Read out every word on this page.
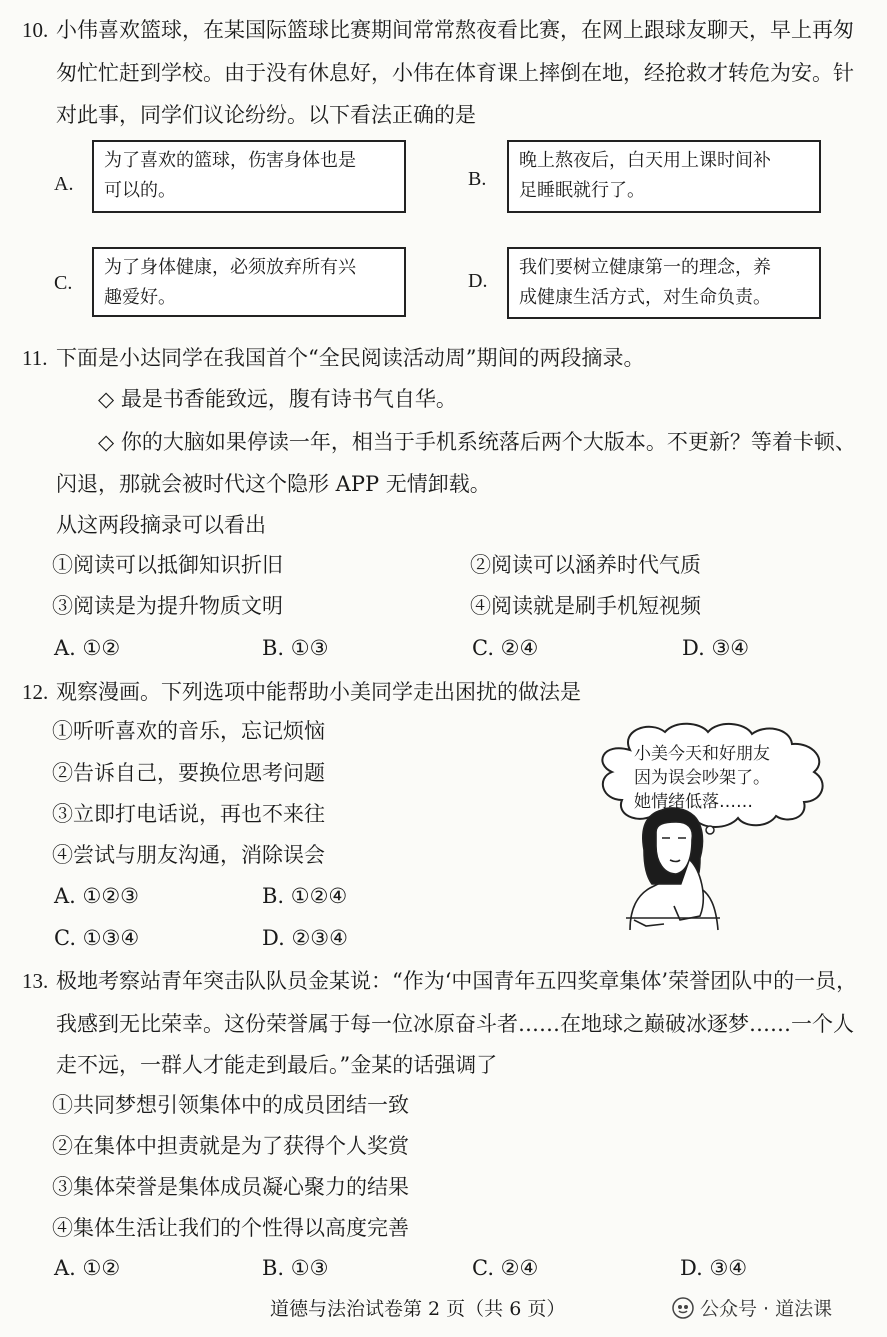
10. 小伟喜欢篮球，在某国际篮球比赛期间常常熬夜看比赛，在网上跟球友聊天，早上再匆
匆忙忙赶到学校。由于没有休息好，小伟在体育课上摔倒在地，经抢救才转危为安。针
对此事，同学们议论纷纷。以下看法正确的是
A.
为了喜欢的篮球，伤害身体也是
可以的。
B.
晚上熬夜后，白天用上课时间补
足睡眠就行了。
C.
为了身体健康，必须放弃所有兴
趣爱好。
D.
我们要树立健康第一的理念，养
成健康生活方式，对生命负责。
11. 下面是小达同学在我国首个“全民阅读活动周”期间的两段摘录。
◇ 最是书香能致远，腹有诗书气自华。
◇ 你的大脑如果停读一年，相当于手机系统落后两个大版本。不更新？等着卡顿、
闪退，那就会被时代这个隐形 APP 无情卸载。
从这两段摘录可以看出
①阅读可以抵御知识折旧	②阅读可以涵养时代气质
③阅读是为提升物质文明	④阅读就是刷手机短视频
A. ①②	B. ①③	C. ②④	D. ③④
12. 观察漫画。下列选项中能帮助小美同学走出困扰的做法是
①听听喜欢的音乐，忘记烦恼
②告诉自己，要换位思考问题
③立即打电话说，再也不来往
④尝试与朋友沟通，消除误会
A. ①②③	B. ①②④
C. ①③④	D. ②③④
小美今天和好朋友
因为误会吵架了。
她情绪低落……
13. 极地考察站青年突击队队员金某说：“作为‘中国青年五四奖章集体’荣誉团队中的一员，
我感到无比荣幸。这份荣誉属于每一位冰原奋斗者……在地球之巅破冰逐梦……一个人
走不远，一群人才能走到最后。”金某的话强调了
①共同梦想引领集体中的成员团结一致
②在集体中担责就是为了获得个人奖赏
③集体荣誉是集体成员凝心聚力的结果
④集体生活让我们的个性得以高度完善
A. ①②	B. ①③	C. ②④	D. ③④
道德与法治试卷第 2 页（共 6 页）	公众号 · 道法课
